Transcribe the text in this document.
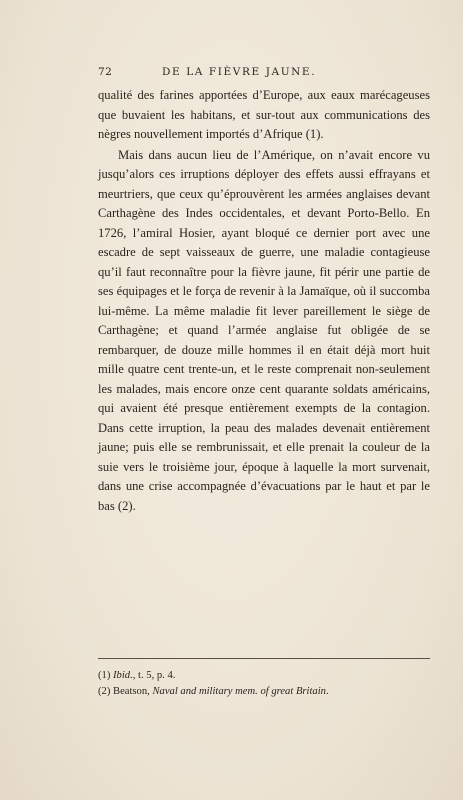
72	DE LA FIÈVRE JAUNE.

qualité des farines apportées d’Europe, aux eaux marécageuses que buvaient les habitans, et sur-tout aux communications des nègres nouvellement importés d’Afrique (1).

Mais dans aucun lieu de l’Amérique, on n’avait encore vu jusqu’alors ces irruptions déployer des effets aussi effrayans et meurtriers, que ceux qu’éprouvèrent les armées anglaises devant Carthagène des Indes occidentales, et devant Porto-Bello. En 1726, l’amiral Hosier, ayant bloqué ce dernier port avec une escadre de sept vaisseaux de guerre, une maladie contagieuse qu’il faut reconnaître pour la fièvre jaune, fit périr une partie de ses équipages et le força de revenir à la Jamaïque, où il succomba lui-même. La même maladie fit lever pareillement le siège de Carthagène; et quand l’armée anglaise fut obligée de se rembarquer, de douze mille hommes il en était déjà mort huit mille quatre cent trente-un, et le reste comprenait non-seulement les malades, mais encore onze cent quarante soldats américains, qui avaient été presque entièrement exempts de la contagion. Dans cette irruption, la peau des malades devenait entièrement jaune; puis elle se rembrunissait, et elle prenait la couleur de la suie vers le troisième jour, époque à laquelle la mort survenait, dans une crise accompagnée d’évacuations par le haut et par le bas (2).

(1) Ibid., t. 5, p. 4.

(2) Beatson, Naval and military mem. of great Britain.
